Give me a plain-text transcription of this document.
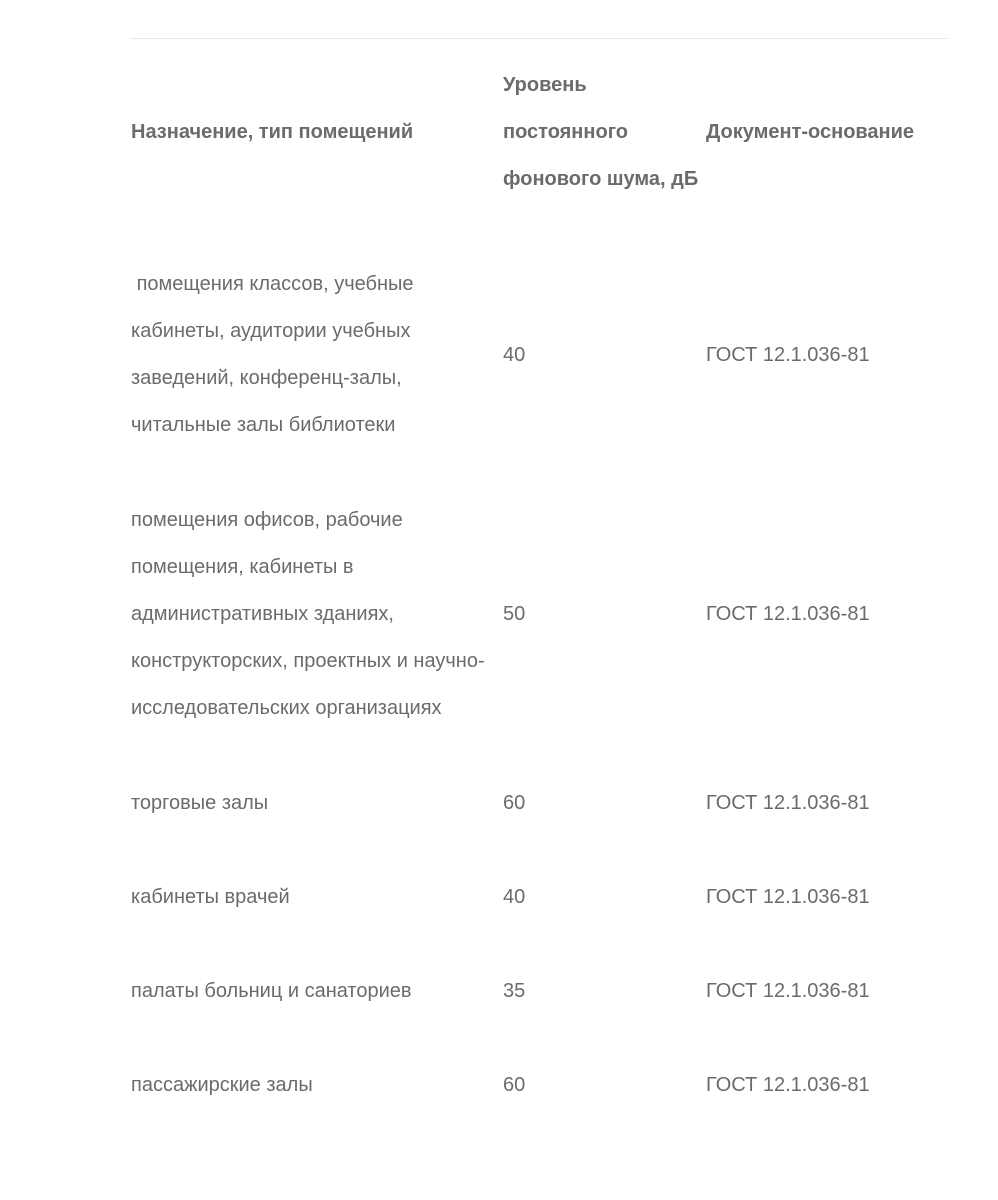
Назначение, тип помещений	Уровень постоянного фонового шума, дБ	Документ-основание
помещения классов, учебные кабинеты, аудитории учебных заведений, конференц-залы, читальные залы библиотеки	40	ГОСТ 12.1.036-81
помещения офисов, рабочие помещения, кабинеты в административных зданиях, конструкторских, проектных и научно-исследовательских организациях	50	ГОСТ 12.1.036-81
торговые залы	60	ГОСТ 12.1.036-81
кабинеты врачей	40	ГОСТ 12.1.036-81
палаты больниц и санаториев	35	ГОСТ 12.1.036-81
пассажирские залы	60	ГОСТ 12.1.036-81
